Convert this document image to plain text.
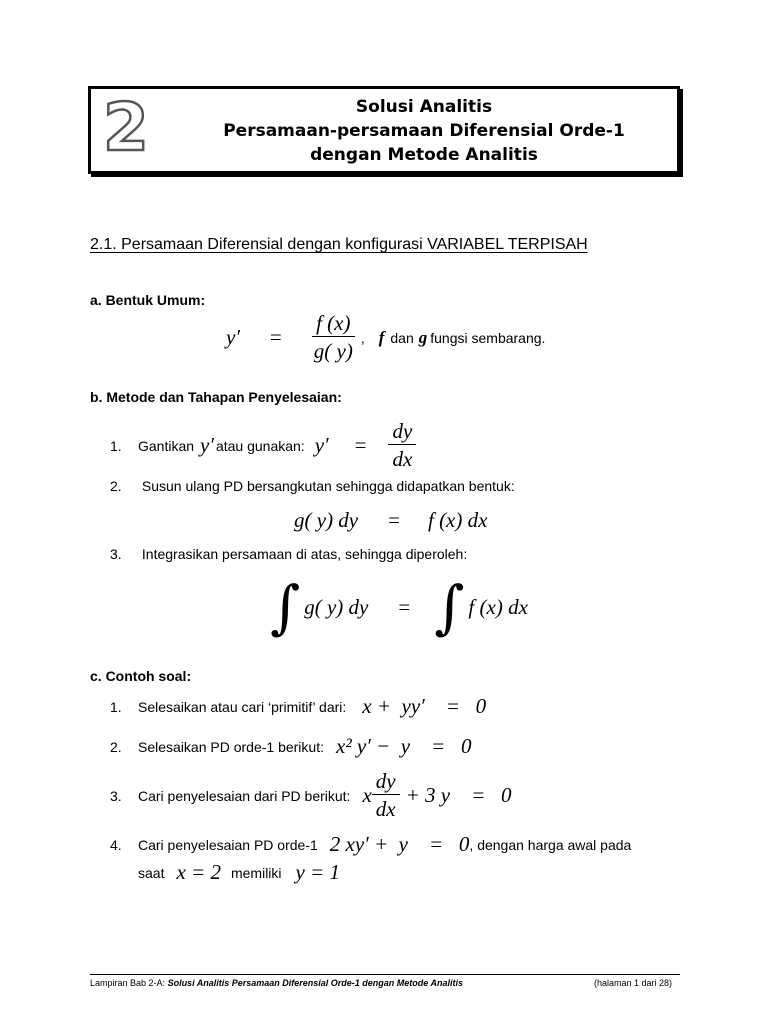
2	Solusi Analitis
Persamaan-persamaan Diferensial Orde-1
dengan Metode Analitis
2.1. Persamaan Diferensial dengan konfigurasi VARIABEL TERPISAH
a. Bentuk Umum:
$y' = \frac{f (x)}{g( y)}$ , f dan g fungsi sembarang.
b. Metode dan Tahapan Penyelesaian:
1.	Gantikan y′ atau gunakan: $y' = \frac{dy}{dx}$
2. Susun ulang PD bersangkutan sehingga didapatkan bentuk:
g( y) dy = f (x) dx
3. Integrasikan persamaan di atas, sehingga diperoleh:
∫ g( y) dy = ∫ f (x) dx
c. Contoh soal:
1.	Selesaikan atau cari ‘primitif’ dari: x +  yy′    =   0
2.	Selesaikan PD orde-1 berikut: x² y′ −  y    =   0
3.	Cari penyelesaian dari PD berikut: x $\frac{dy}{dx} + 3$ y    =   0
4.	Cari penyelesaian PD orde-1 2 xy′ +  y    =   0 , dengan harga awal pada
saat x = 2 memiliki y = 1
Lampiran Bab 2-A: Solusi Analitis Persamaan Diferensial Orde-1 dengan Metode Analitis	(halaman 1 dari 28)
